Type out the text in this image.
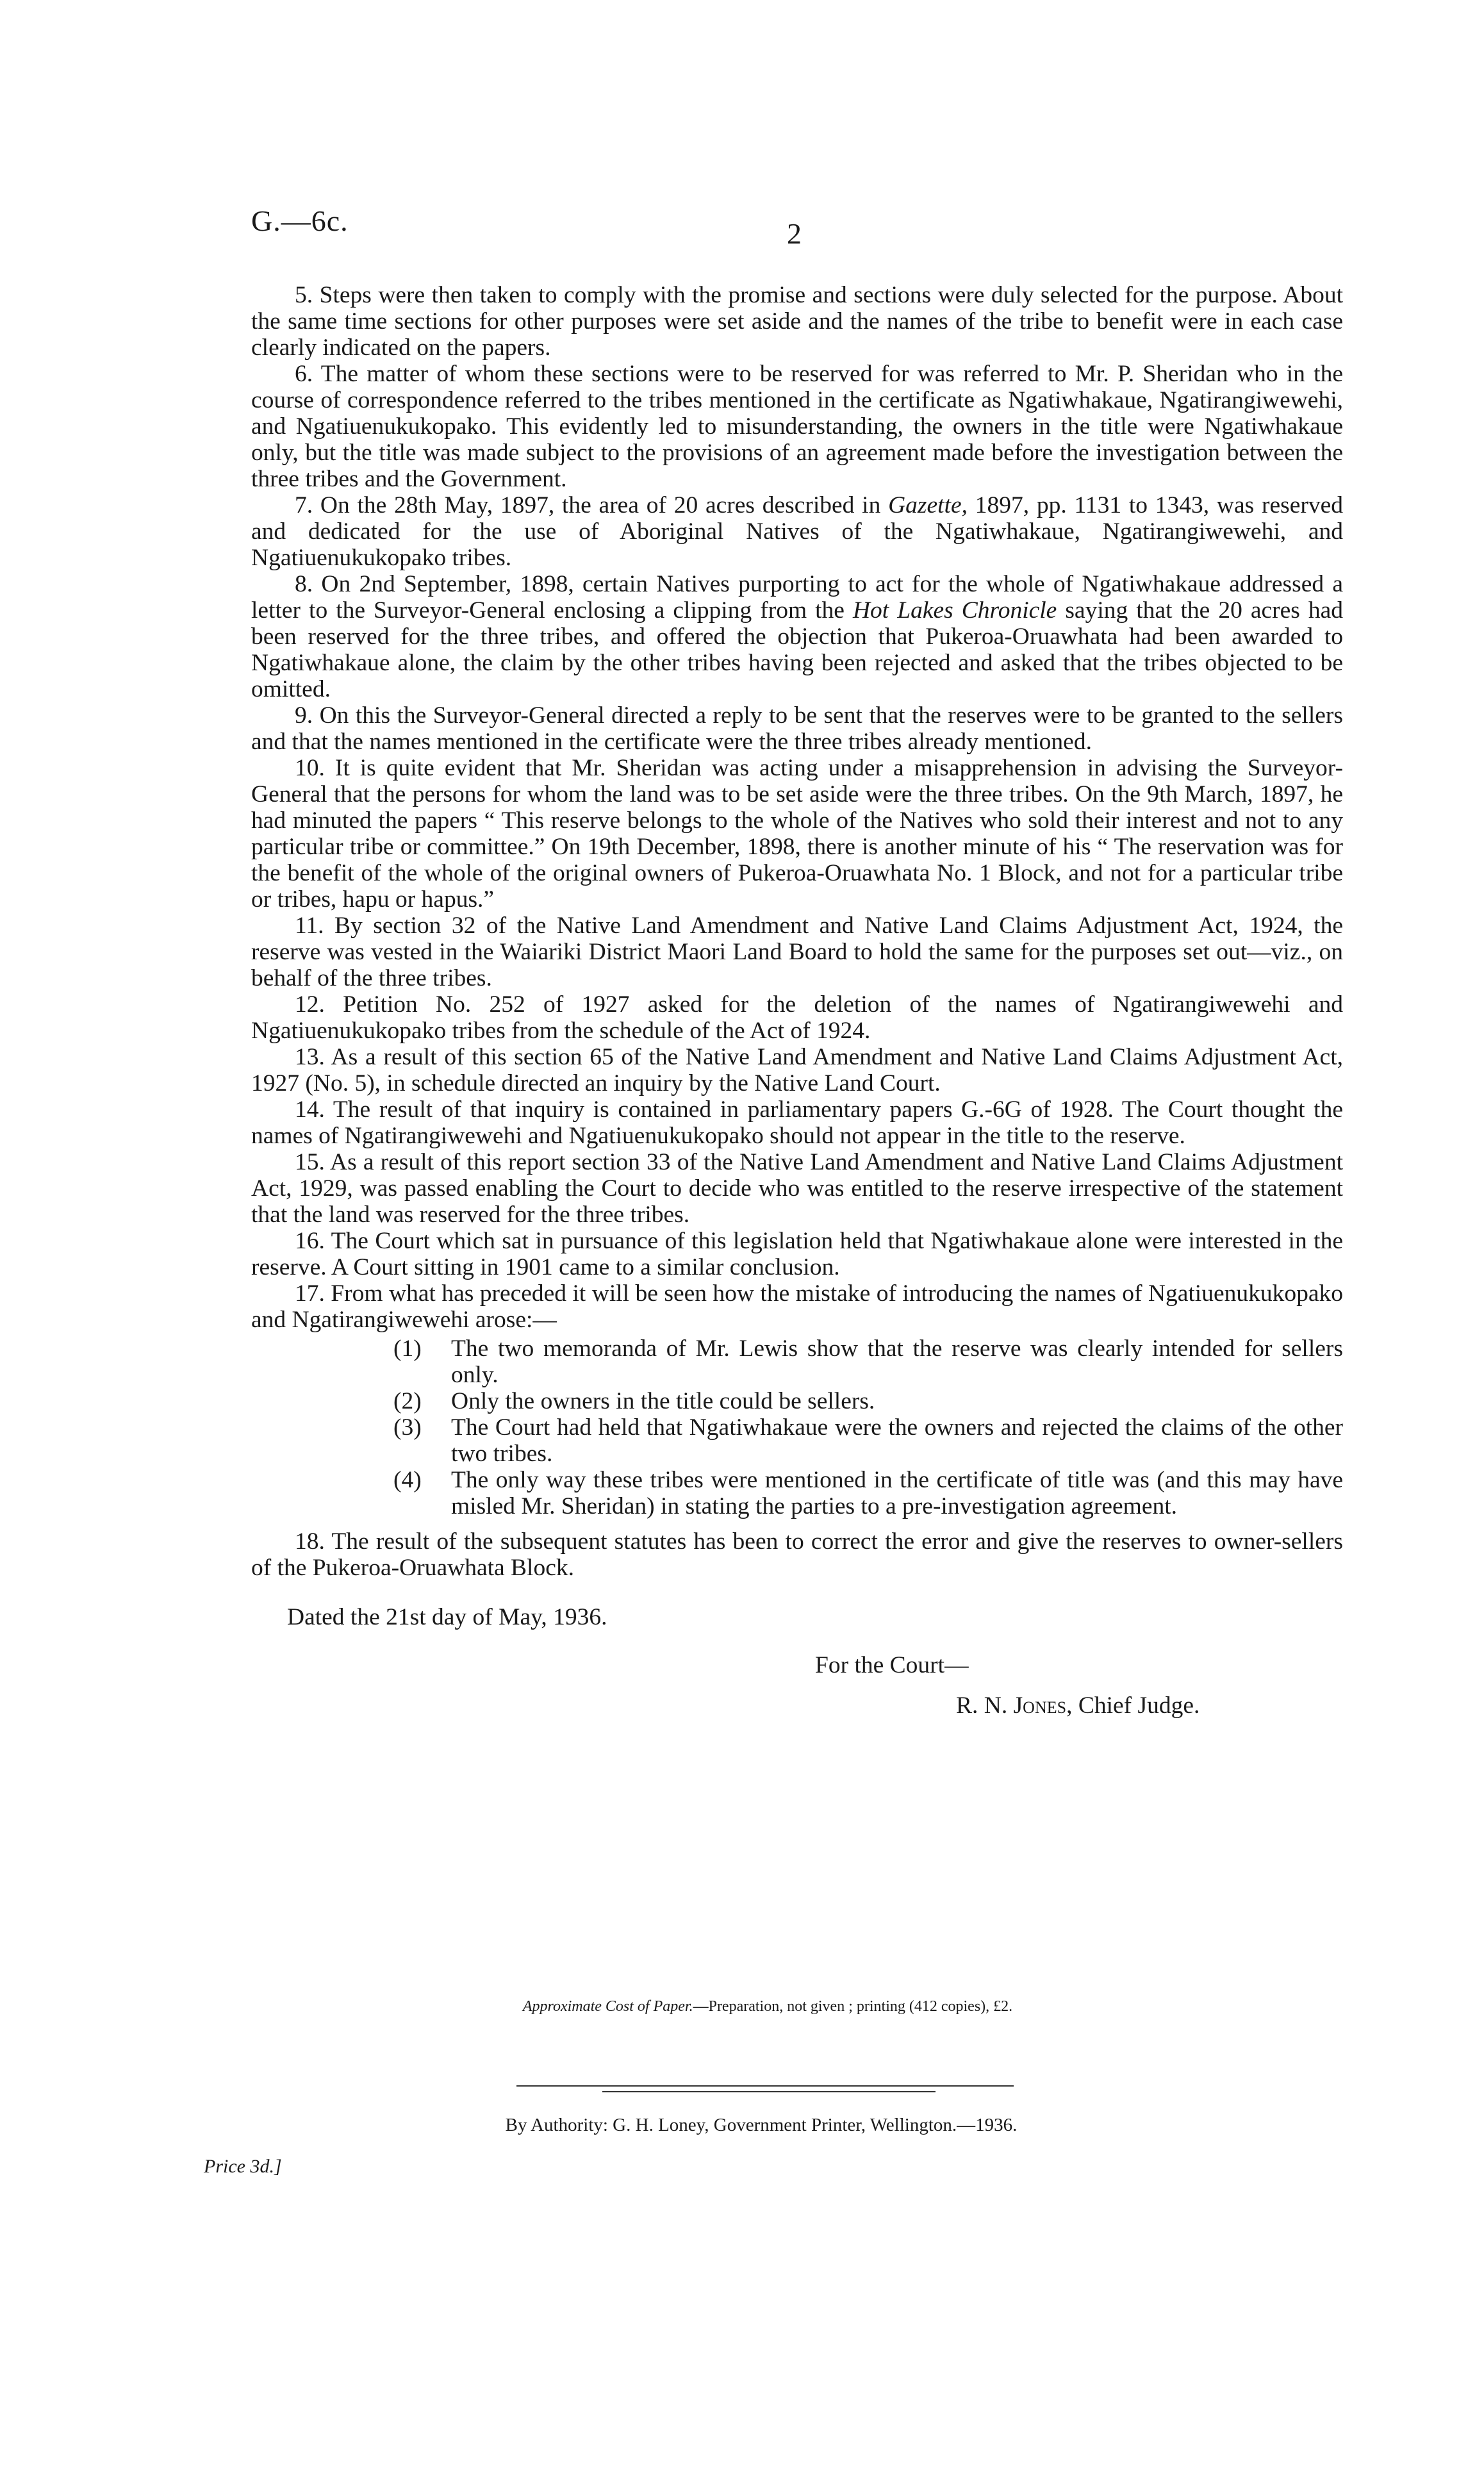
G.—6c.	2

5. Steps were then taken to comply with the promise and sections were duly selected for the purpose. About the same time sections for other purposes were set aside and the names of the tribe to benefit were in each case clearly indicated on the papers.

6. The matter of whom these sections were to be reserved for was referred to Mr. P. Sheridan who in the course of correspondence referred to the tribes mentioned in the certificate as Ngatiwhakaue, Ngatirangiwewehi, and Ngatiuenukukopako. This evidently led to misunderstanding, the owners in the title were Ngatiwhakaue only, but the title was made subject to the provisions of an agreement made before the investigation between the three tribes and the Government.

7. On the 28th May, 1897, the area of 20 acres described in Gazette, 1897, pp. 1131 to 1343, was reserved and dedicated for the use of Aboriginal Natives of the Ngatiwhakaue, Ngatirangiwewehi, and Ngatiuenukukopako tribes.

8. On 2nd September, 1898, certain Natives purporting to act for the whole of Ngatiwhakaue addressed a letter to the Surveyor-General enclosing a clipping from the Hot Lakes Chronicle saying that the 20 acres had been reserved for the three tribes, and offered the objection that Pukeroa-Oruawhata had been awarded to Ngatiwhakaue alone, the claim by the other tribes having been rejected and asked that the tribes objected to be omitted.

9. On this the Surveyor-General directed a reply to be sent that the reserves were to be granted to the sellers and that the names mentioned in the certificate were the three tribes already mentioned.

10. It is quite evident that Mr. Sheridan was acting under a misapprehension in advising the Surveyor-General that the persons for whom the land was to be set aside were the three tribes. On the 9th March, 1897, he had minuted the papers “ This reserve belongs to the whole of the Natives who sold their interest and not to any particular tribe or committee.” On 19th December, 1898, there is another minute of his “ The reservation was for the benefit of the whole of the original owners of Pukeroa-Oruawhata No. 1 Block, and not for a particular tribe or tribes, hapu or hapus.”

11. By section 32 of the Native Land Amendment and Native Land Claims Adjustment Act, 1924, the reserve was vested in the Waiariki District Maori Land Board to hold the same for the purposes set out—viz., on behalf of the three tribes.

12. Petition No. 252 of 1927 asked for the deletion of the names of Ngatirangiwewehi and Ngatiuenukukopako tribes from the schedule of the Act of 1924.

13. As a result of this section 65 of the Native Land Amendment and Native Land Claims Adjustment Act, 1927 (No. 5), in schedule directed an inquiry by the Native Land Court.

14. The result of that inquiry is contained in parliamentary papers G.-6G of 1928. The Court thought the names of Ngatirangiwewehi and Ngatiuenukukopako should not appear in the title to the reserve.

15. As a result of this report section 33 of the Native Land Amendment and Native Land Claims Adjustment Act, 1929, was passed enabling the Court to decide who was entitled to the reserve irrespective of the statement that the land was reserved for the three tribes.

16. The Court which sat in pursuance of this legislation held that Ngatiwhakaue alone were interested in the reserve. A Court sitting in 1901 came to a similar conclusion.

17. From what has preceded it will be seen how the mistake of introducing the names of Ngatiuenukukopako and Ngatirangiwewehi arose:—

(1) The two memoranda of Mr. Lewis show that the reserve was clearly intended for sellers only.
(2) Only the owners in the title could be sellers.
(3) The Court had held that Ngatiwhakaue were the owners and rejected the claims of the other two tribes.
(4) The only way these tribes were mentioned in the certificate of title was (and this may have misled Mr. Sheridan) in stating the parties to a pre-investigation agreement.

18. The result of the subsequent statutes has been to correct the error and give the reserves to owner-sellers of the Pukeroa-Oruawhata Block.

Dated the 21st day of May, 1936.

For the Court—

R. N. Jones, Chief Judge.

Approximate Cost of Paper.—Preparation, not given ; printing (412 copies), £2.
By Authority: G. H. Loney, Government Printer, Wellington.—1936.
Price 3d.]
